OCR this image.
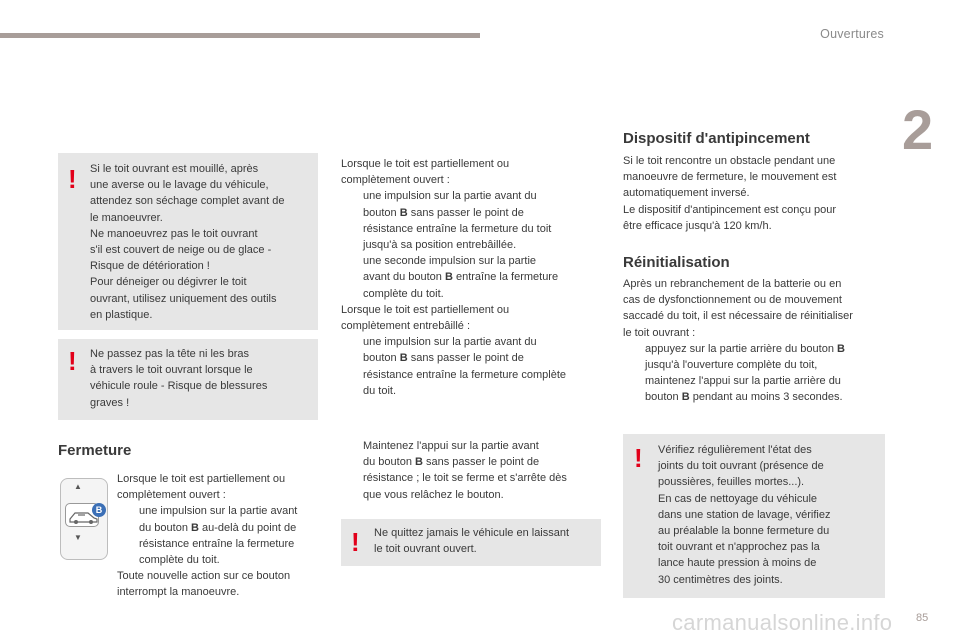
Ouvertures
2
! Si le toit ouvrant est mouillé, après
une averse ou le lavage du véhicule,
attendez son séchage complet avant de
le manoeuvrer.
Ne manoeuvrez pas le toit ouvrant
s'il est couvert de neige ou de glace -
Risque de détérioration !
Pour déneiger ou dégivrer le toit
ouvrant, utilisez uniquement des outils
en plastique.
! Ne passez pas la tête ni les bras
à travers le toit ouvrant lorsque le
véhicule roule - Risque de blessures
graves !
Fermeture
▲
▼
B
Lorsque le toit est partiellement ou
complètement ouvert :
une impulsion sur la partie avant
du bouton B au-delà du point de
résistance entraîne la fermeture
complète du toit.
Toute nouvelle action sur ce bouton
interrompt la manoeuvre.
Lorsque le toit est partiellement ou
complètement ouvert :
une impulsion sur la partie avant du
bouton B sans passer le point de
résistance entraîne la fermeture du toit
jusqu'à sa position entrebâillée.
une seconde impulsion sur la partie
avant du bouton B entraîne la fermeture
complète du toit.
Lorsque le toit est partiellement ou
complètement entrebâillé :
une impulsion sur la partie avant du
bouton B sans passer le point de
résistance entraîne la fermeture complète
du toit.
Maintenez l'appui sur la partie avant
du bouton B sans passer le point de
résistance ; le toit se ferme et s'arrête dès
que vous relâchez le bouton.
! Ne quittez jamais le véhicule en laissant
le toit ouvrant ouvert.
Dispositif d'antipincement
Si le toit rencontre un obstacle pendant une
manoeuvre de fermeture, le mouvement est
automatiquement inversé.
Le dispositif d'antipincement est conçu pour
être efficace jusqu'à 120 km/h.
Réinitialisation
Après un rebranchement de la batterie ou en
cas de dysfonctionnement ou de mouvement
saccadé du toit, il est nécessaire de réinitialiser
le toit ouvrant :
appuyez sur la partie arrière du bouton B
jusqu'à l'ouverture complète du toit,
maintenez l'appui sur la partie arrière du
bouton B pendant au moins 3 secondes.
! Vérifiez régulièrement l'état des
joints du toit ouvrant (présence de
poussières, feuilles mortes...).
En cas de nettoyage du véhicule
dans une station de lavage, vérifiez
au préalable la bonne fermeture du
toit ouvrant et n'approchez pas la
lance haute pression à moins de
30 centimètres des joints.
carmanualsonline.info 85
